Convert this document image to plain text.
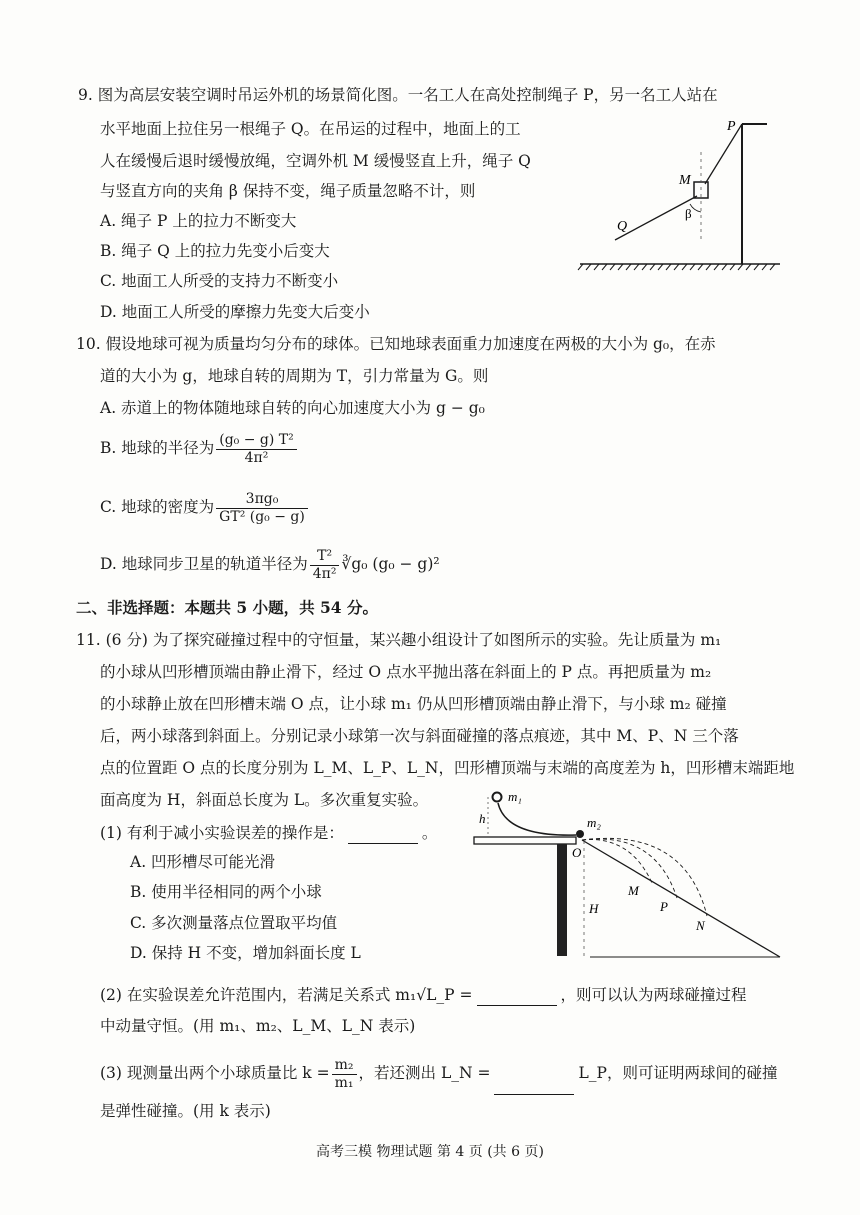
9. 图为高层安装空调时吊运外机的场景简化图。一名工人在高处控制绳子 P，另一名工人站在
水平地面上拉住另一根绳子 Q。在吊运的过程中，地面上的工
人在缓慢后退时缓慢放绳，空调外机 M 缓慢竖直上升，绳子 Q
与竖直方向的夹角 β 保持不变，绳子质量忽略不计，则
A. 绳子 P 上的拉力不断变大
B. 绳子 Q 上的拉力先变小后变大
C. 地面工人所受的支持力不断变小
D. 地面工人所受的摩擦力先变大后变小
P
M
Q
β
10. 假设地球可视为质量均匀分布的球体。已知地球表面重力加速度在两极的大小为 g₀，在赤
道的大小为 g，地球自转的周期为 T，引力常量为 G。则
A. 赤道上的物体随地球自转的向心加速度大小为 g − g₀
B. 地球的半径为 $\frac{\text{(g₀ − g) T²}}{\text{4π²}}$
C. 地球的密度为 $\frac{\text{3πg₀}}{\text{GT² (g₀ − g)}}$
D. 地球同步卫星的轨道半径为 $\frac{\text{T²}}{\text{4π²}}$ ∛g₀ (g₀ − g)²
二、非选择题：本题共 5 小题，共 54 分。
11. (6 分) 为了探究碰撞过程中的守恒量，某兴趣小组设计了如图所示的实验。先让质量为 m₁
的小球从凹形槽顶端由静止滑下，经过 O 点水平抛出落在斜面上的 P 点。再把质量为 m₂
的小球静止放在凹形槽末端 O 点，让小球 m₁ 仍从凹形槽顶端由静止滑下，与小球 m₂ 碰撞
后，两小球落到斜面上。分别记录小球第一次与斜面碰撞的落点痕迹，其中 M、P、N 三个落
点的位置距 O 点的长度分别为 L_M、L_P、L_N，凹形槽顶端与末端的高度差为 h，凹形槽末端距地
面高度为 H，斜面总长度为 L。多次重复实验。
(1) 有利于减小实验误差的操作是：	。
A. 凹形槽尽可能光滑
B. 使用半径相同的两个小球
C. 多次测量落点位置取平均值
D. 保持 H 不变，增加斜面长度 L
h
m₁
m₂
O
H
M
P
N
(2) 在实验误差允许范围内，若满足关系式 m₁√L_P =	，则可以认为两球碰撞过程
中动量守恒。(用 m₁、m₂、L_M、L_N 表示)
(3) 现测量出两个小球质量比 $k = \frac{\text{m₂}}{\text{m₁}}$ ，若还测出 L_N =	L_P，则可证明两球间的碰撞
是弹性碰撞。(用 k 表示)
高考三模 物理试题 第 4 页 (共 6 页)
